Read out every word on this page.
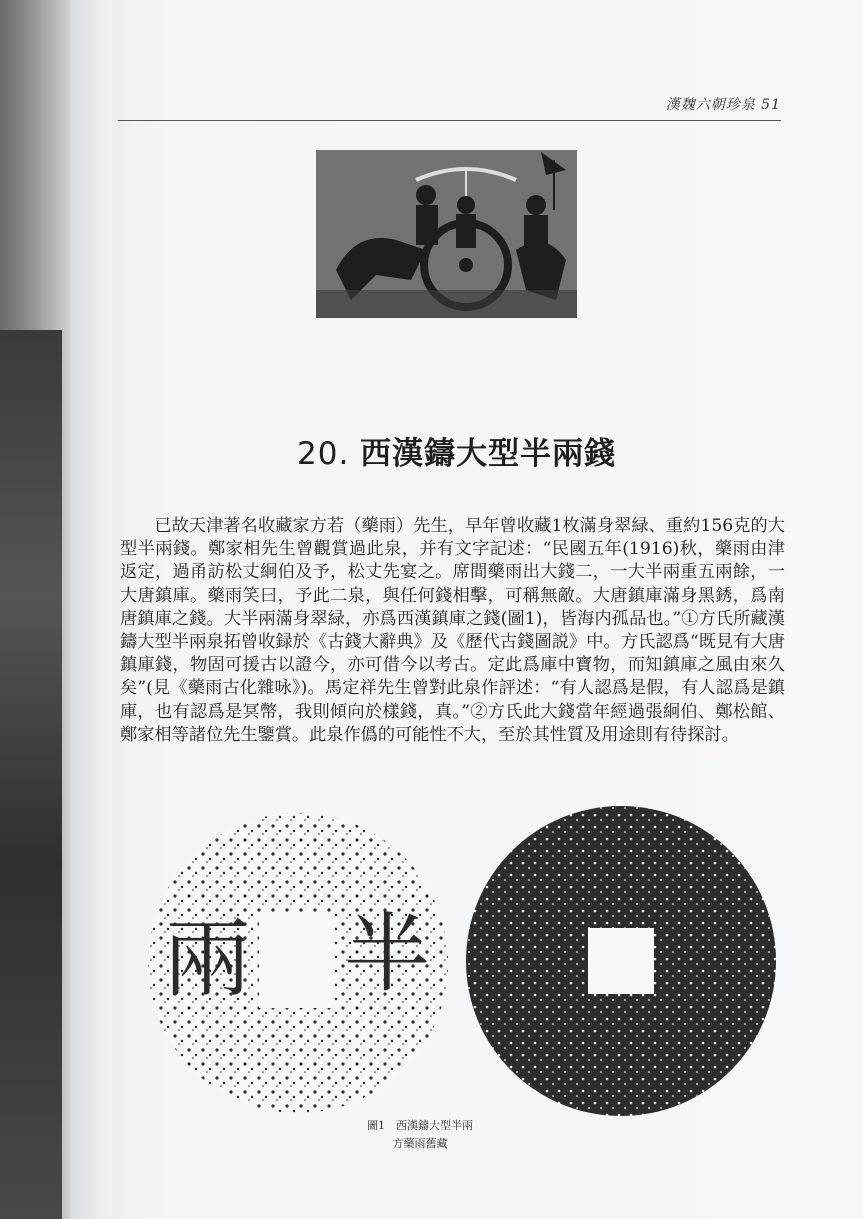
漢魏六朝珍泉 51
20. 西漢鑄大型半兩錢

已故天津著名收藏家方若（藥雨）先生，早年曾收藏1枚滿身翠緑、重約156克的大型半兩錢。鄭家相先生曾觀賞過此泉，并有文字記述：“民國五年(1916)秋，藥雨由津返定，過甬訪松丈絅伯及予，松丈先宴之。席間藥雨出大錢二，一大半兩重五兩餘，一大唐鎮庫。藥雨笑曰，予此二泉，與任何錢相擊，可稱無敵。大唐鎮庫滿身黑銹，爲南唐鎮庫之錢。大半兩滿身翠緑，亦爲西漢鎮庫之錢(圖1)，皆海内孤品也。”①方氏所藏漢鑄大型半兩泉拓曾收録於《古錢大辭典》及《歷代古錢圖説》中。方氏認爲“既見有大唐鎮庫錢，物固可援古以證今，亦可借今以考古。定此爲庫中寶物，而知鎮庫之風由來久矣”(見《藥雨古化雜咏》)。馬定祥先生曾對此泉作評述：“有人認爲是假，有人認爲是鎮庫，也有認爲是冥幣，我則傾向於樣錢，真。”②方氏此大錢當年經過張絅伯、鄭松館、鄭家相等諸位先生鑒賞。此泉作僞的可能性不大，至於其性質及用途則有待探討。

兩 半
圖1　西漢鑄大型半兩
方藥雨舊藏
